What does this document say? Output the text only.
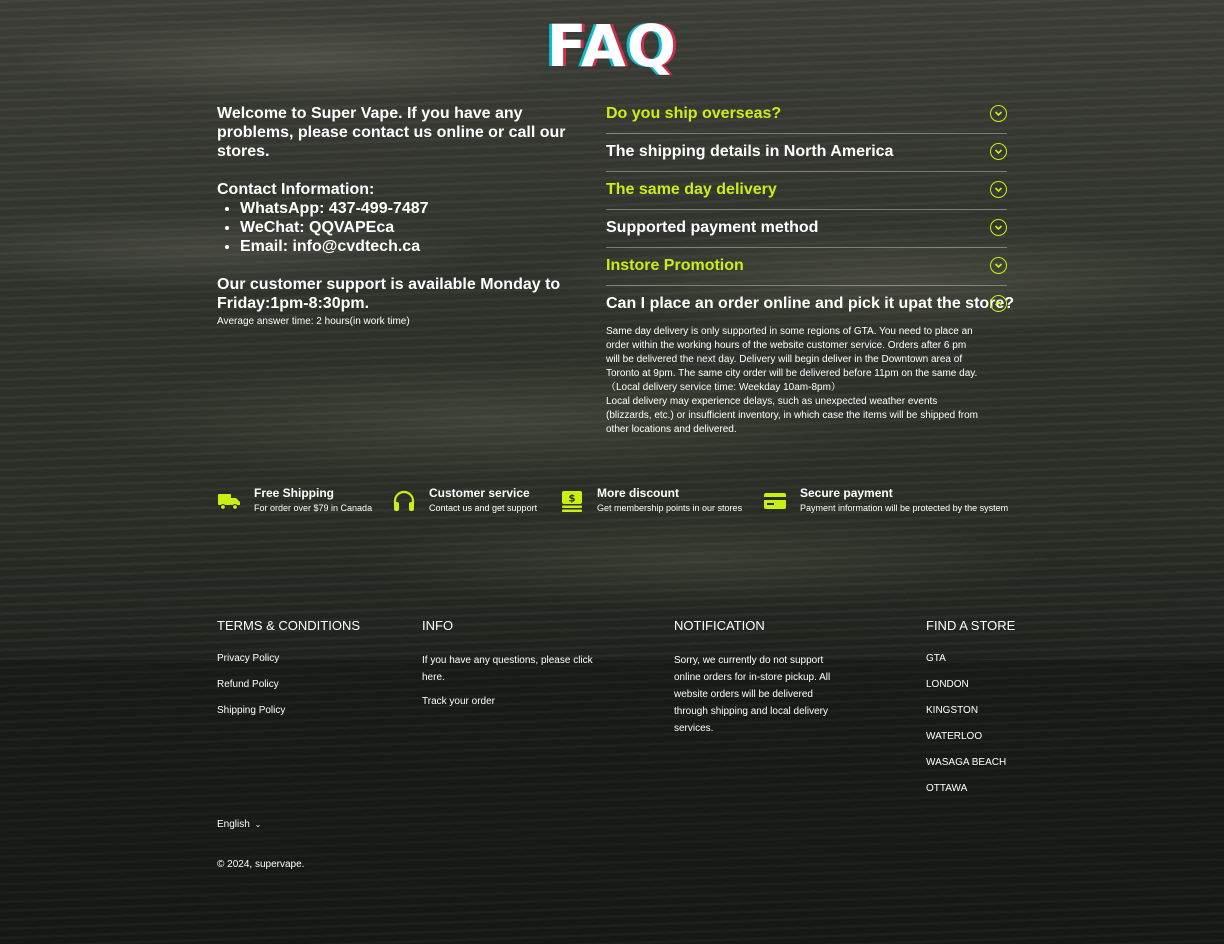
FAQ

Welcome to Super Vape. If you have any problems, please contact us online or call our stores.

Contact Information:

• WhatsApp: 437-499-7487
• WeChat: QQVAPEca
• Email: info@cvdtech.ca

Our customer support is available Monday to Friday:1pm-8:30pm.

Average answer time: 2 hours(in work time)
Do you ship overseas?
The shipping details in North America
The same day delivery
Supported payment method
Instore Promotion
Can I place an order online and pick it upat the store?
Same day delivery is only supported in some regions of GTA. You need to place an order within the working hours of the website customer service. Orders after 6 pm will be delivered the next day. Delivery will begin deliver in the Downtown area of Toronto at 9pm. The same city order will be delivered before 11pm on the same day.（Local delivery service time: Weekday 10am-8pm）
Local delivery may experience delays, such as unexpected weather events (blizzards, etc.) or insufficient inventory, in which case the items will be shipped from other locations and delivered.
Free Shipping
For order over $79 in Canada
Customer service
Contact us and get support
$ More discount
Get membership points in our stores
Secure payment
Payment information will be protected by the system
TERMS & CONDITIONS
Privacy Policy
Refund Policy
Shipping Policy
INFO

If you have any questions, please click here.

Track your order
NOTIFICATION

Sorry, we currently do not support online orders for in-store pickup. All website orders will be delivered through shipping and local delivery services.

FIND A STORE
GTA
LONDON
KINGSTON
WATERLOO
WASAGA BEACH
OTTAWA
English ⌄
© 2024, supervape.
